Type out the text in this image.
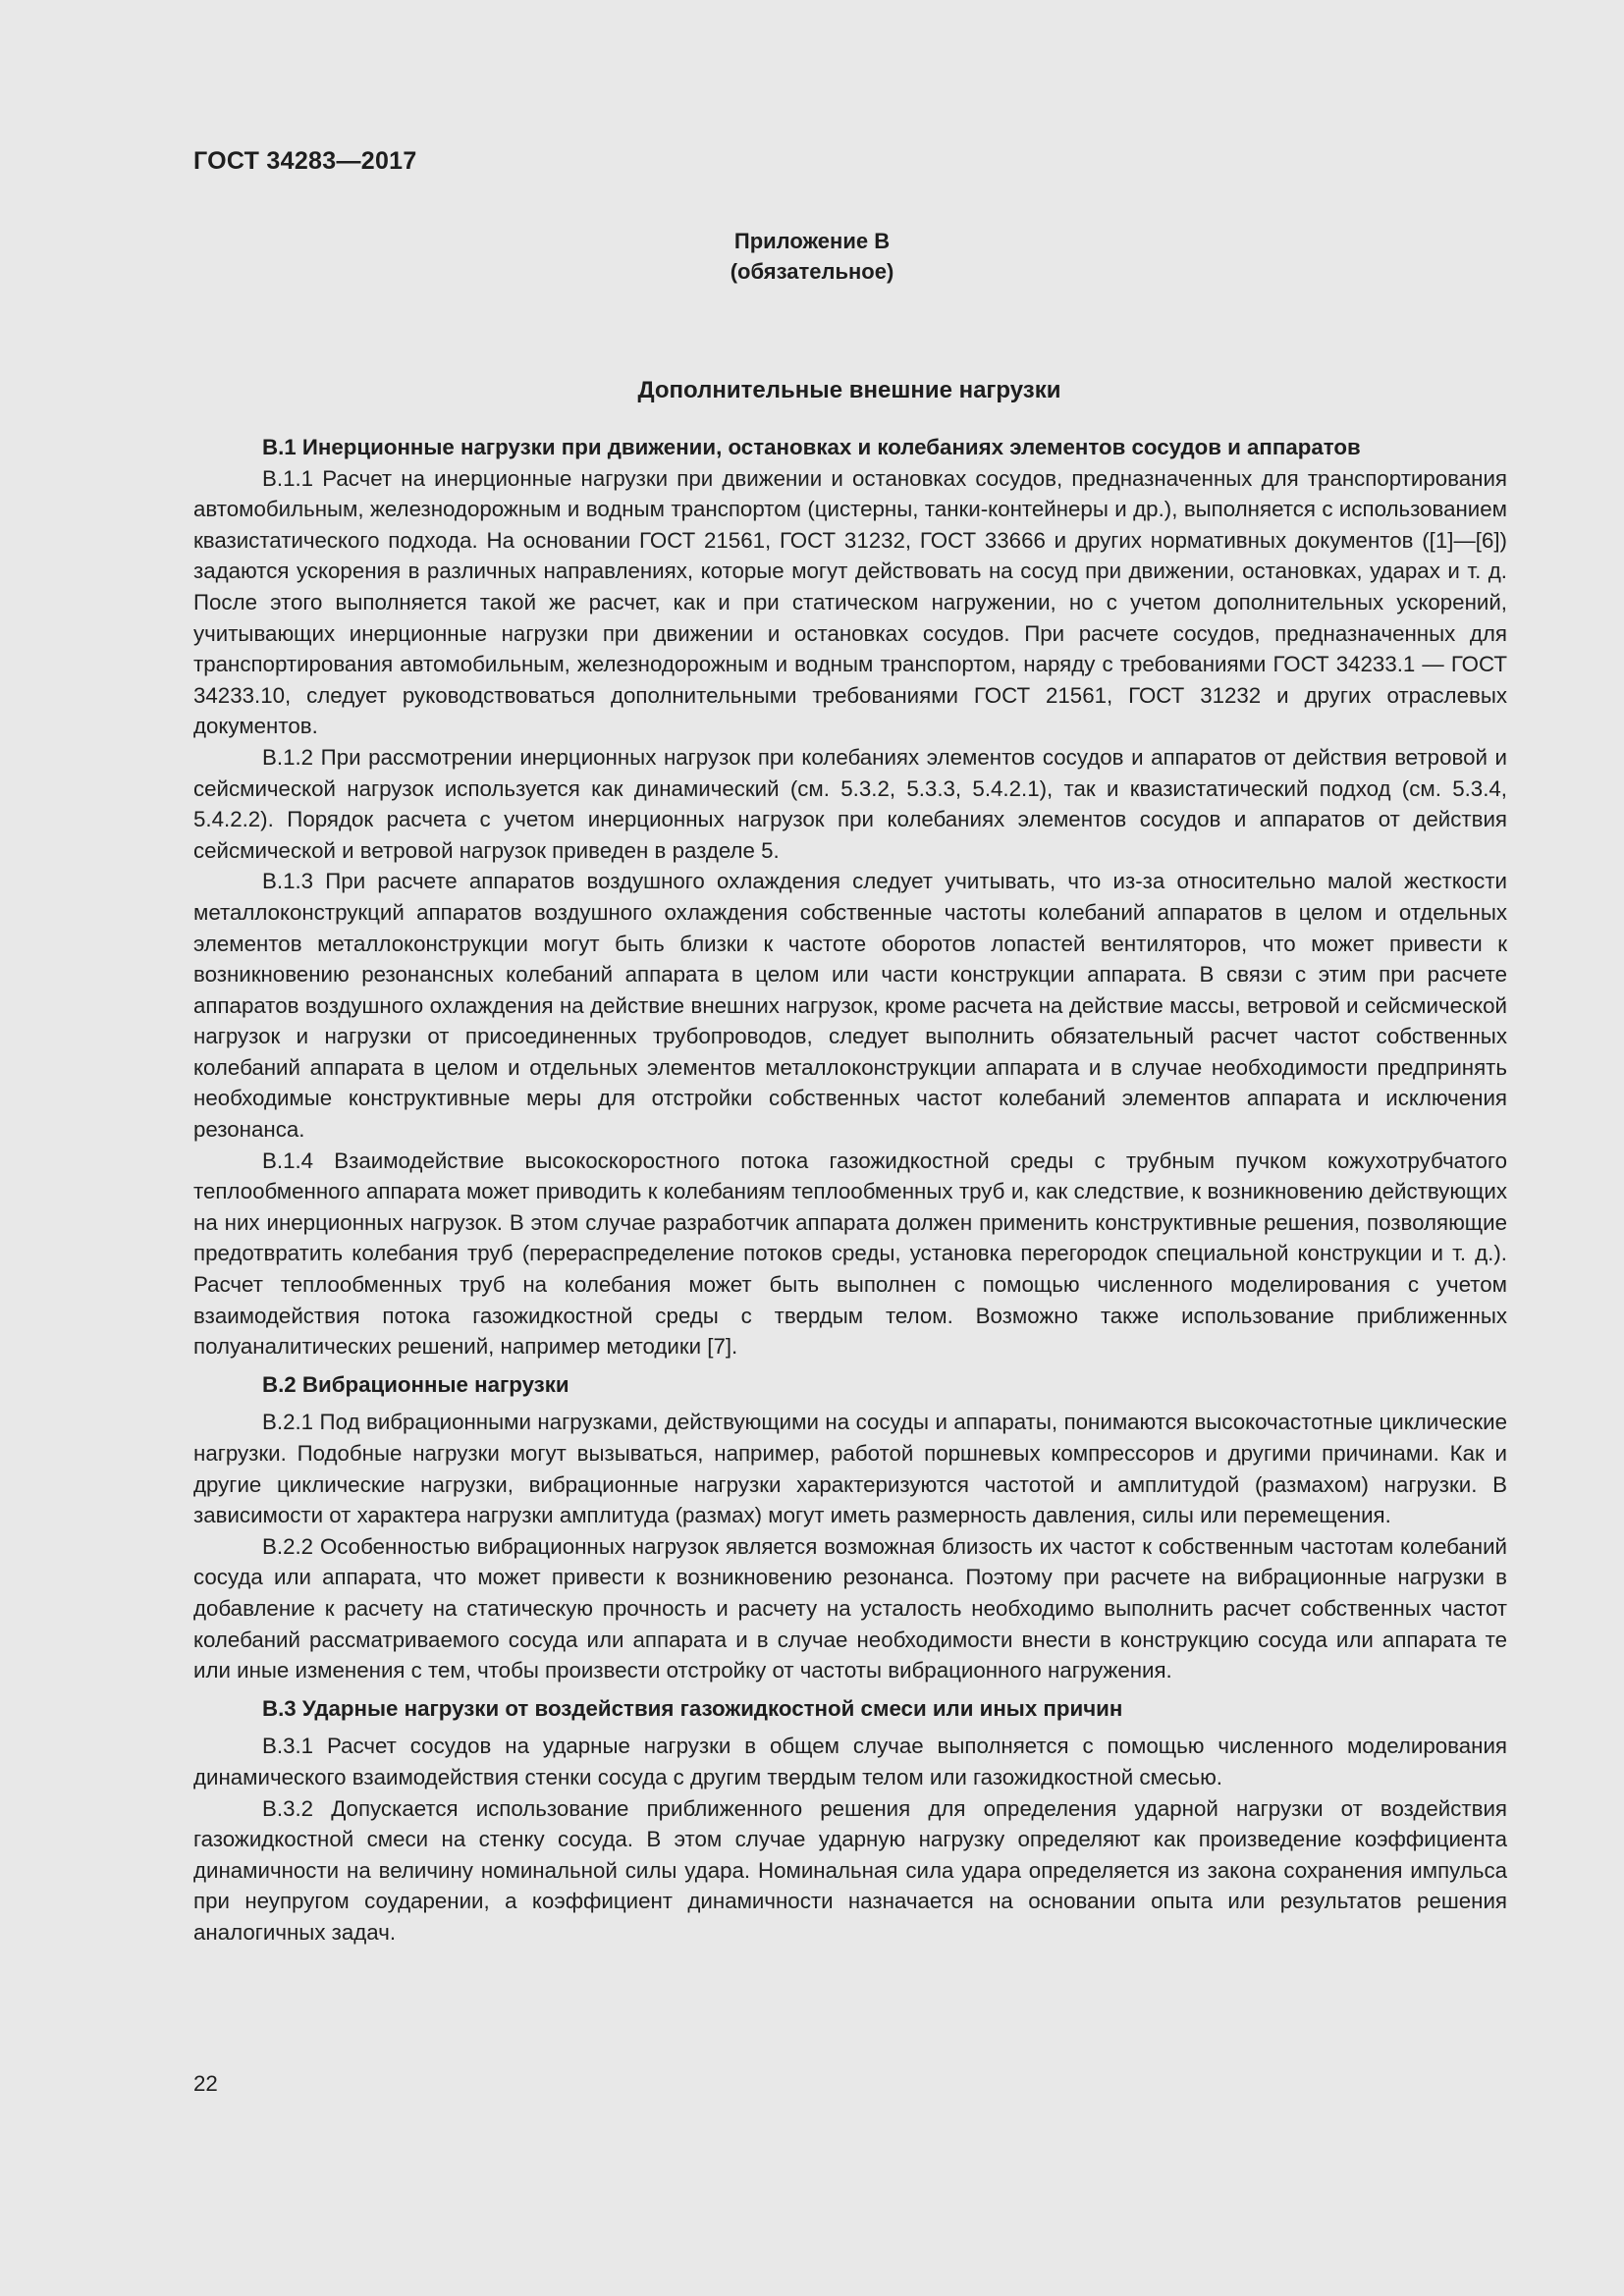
ГОСТ 34283—2017
Приложение В
(обязательное)
Дополнительные внешние нагрузки
В.1 Инерционные нагрузки при движении, остановках и колебаниях элементов сосудов и аппаратов

В.1.1 Расчет на инерционные нагрузки при движении и остановках сосудов, предназначенных для транспортирования автомобильным, железнодорожным и водным транспортом (цистерны, танки-контейнеры и др.), выполняется с использованием квазистатического подхода. На основании ГОСТ 21561, ГОСТ 31232, ГОСТ 33666 и других нормативных документов ([1]—[6]) задаются ускорения в различных направлениях, которые могут действовать на сосуд при движении, остановках, ударах и т. д. После этого выполняется такой же расчет, как и при статическом нагружении, но с учетом дополнительных ускорений, учитывающих инерционные нагрузки при движении и остановках сосудов. При расчете сосудов, предназначенных для транспортирования автомобильным, железнодорожным и водным транспортом, наряду с требованиями ГОСТ 34233.1 — ГОСТ 34233.10, следует руководствоваться дополнительными требованиями ГОСТ 21561, ГОСТ 31232 и других отраслевых документов.

В.1.2 При рассмотрении инерционных нагрузок при колебаниях элементов сосудов и аппаратов от действия ветровой и сейсмической нагрузок используется как динамический (см. 5.3.2, 5.3.3, 5.4.2.1), так и квазистатический подход (см. 5.3.4, 5.4.2.2). Порядок расчета с учетом инерционных нагрузок при колебаниях элементов сосудов и аппаратов от действия сейсмической и ветровой нагрузок приведен в разделе 5.

В.1.3 При расчете аппаратов воздушного охлаждения следует учитывать, что из-за относительно малой жесткости металлоконструкций аппаратов воздушного охлаждения собственные частоты колебаний аппаратов в целом и отдельных элементов металлоконструкции могут быть близки к частоте оборотов лопастей вентиляторов, что может привести к возникновению резонансных колебаний аппарата в целом или части конструкции аппарата. В связи с этим при расчете аппаратов воздушного охлаждения на действие внешних нагрузок, кроме расчета на действие массы, ветровой и сейсмической нагрузок и нагрузки от присоединенных трубопроводов, следует выполнить обязательный расчет частот собственных колебаний аппарата в целом и отдельных элементов металлоконструкции аппарата и в случае необходимости предпринять необходимые конструктивные меры для отстройки собственных частот колебаний элементов аппарата и исключения резонанса.

В.1.4 Взаимодействие высокоскоростного потока газожидкостной среды с трубным пучком кожухотрубчатого теплообменного аппарата может приводить к колебаниям теплообменных труб и, как следствие, к возникновению действующих на них инерционных нагрузок. В этом случае разработчик аппарата должен применить конструктивные решения, позволяющие предотвратить колебания труб (перераспределение потоков среды, установка перегородок специальной конструкции и т. д.). Расчет теплообменных труб на колебания может быть выполнен с помощью численного моделирования с учетом взаимодействия потока газожидкостной среды с твердым телом. Возможно также использование приближенных полуаналитических решений, например методики [7].

В.2 Вибрационные нагрузки

В.2.1 Под вибрационными нагрузками, действующими на сосуды и аппараты, понимаются высокочастотные циклические нагрузки. Подобные нагрузки могут вызываться, например, работой поршневых компрессоров и другими причинами. Как и другие циклические нагрузки, вибрационные нагрузки характеризуются частотой и амплитудой (размахом) нагрузки. В зависимости от характера нагрузки амплитуда (размах) могут иметь размерность давления, силы или перемещения.

В.2.2 Особенностью вибрационных нагрузок является возможная близость их частот к собственным частотам колебаний сосуда или аппарата, что может привести к возникновению резонанса. Поэтому при расчете на вибрационные нагрузки в добавление к расчету на статическую прочность и расчету на усталость необходимо выполнить расчет собственных частот колебаний рассматриваемого сосуда или аппарата и в случае необходимости внести в конструкцию сосуда или аппарата те или иные изменения с тем, чтобы произвести отстройку от частоты вибрационного нагружения.

В.3 Ударные нагрузки от воздействия газожидкостной смеси или иных причин

В.3.1 Расчет сосудов на ударные нагрузки в общем случае выполняется с помощью численного моделирования динамического взаимодействия стенки сосуда с другим твердым телом или газожидкостной смесью.

В.3.2 Допускается использование приближенного решения для определения ударной нагрузки от воздействия газожидкостной смеси на стенку сосуда. В этом случае ударную нагрузку определяют как произведение коэффициента динамичности на величину номинальной силы удара. Номинальная сила удара определяется из закона сохранения импульса при неупругом соударении, а коэффициент динамичности назначается на основании опыта или результатов решения аналогичных задач.

22
